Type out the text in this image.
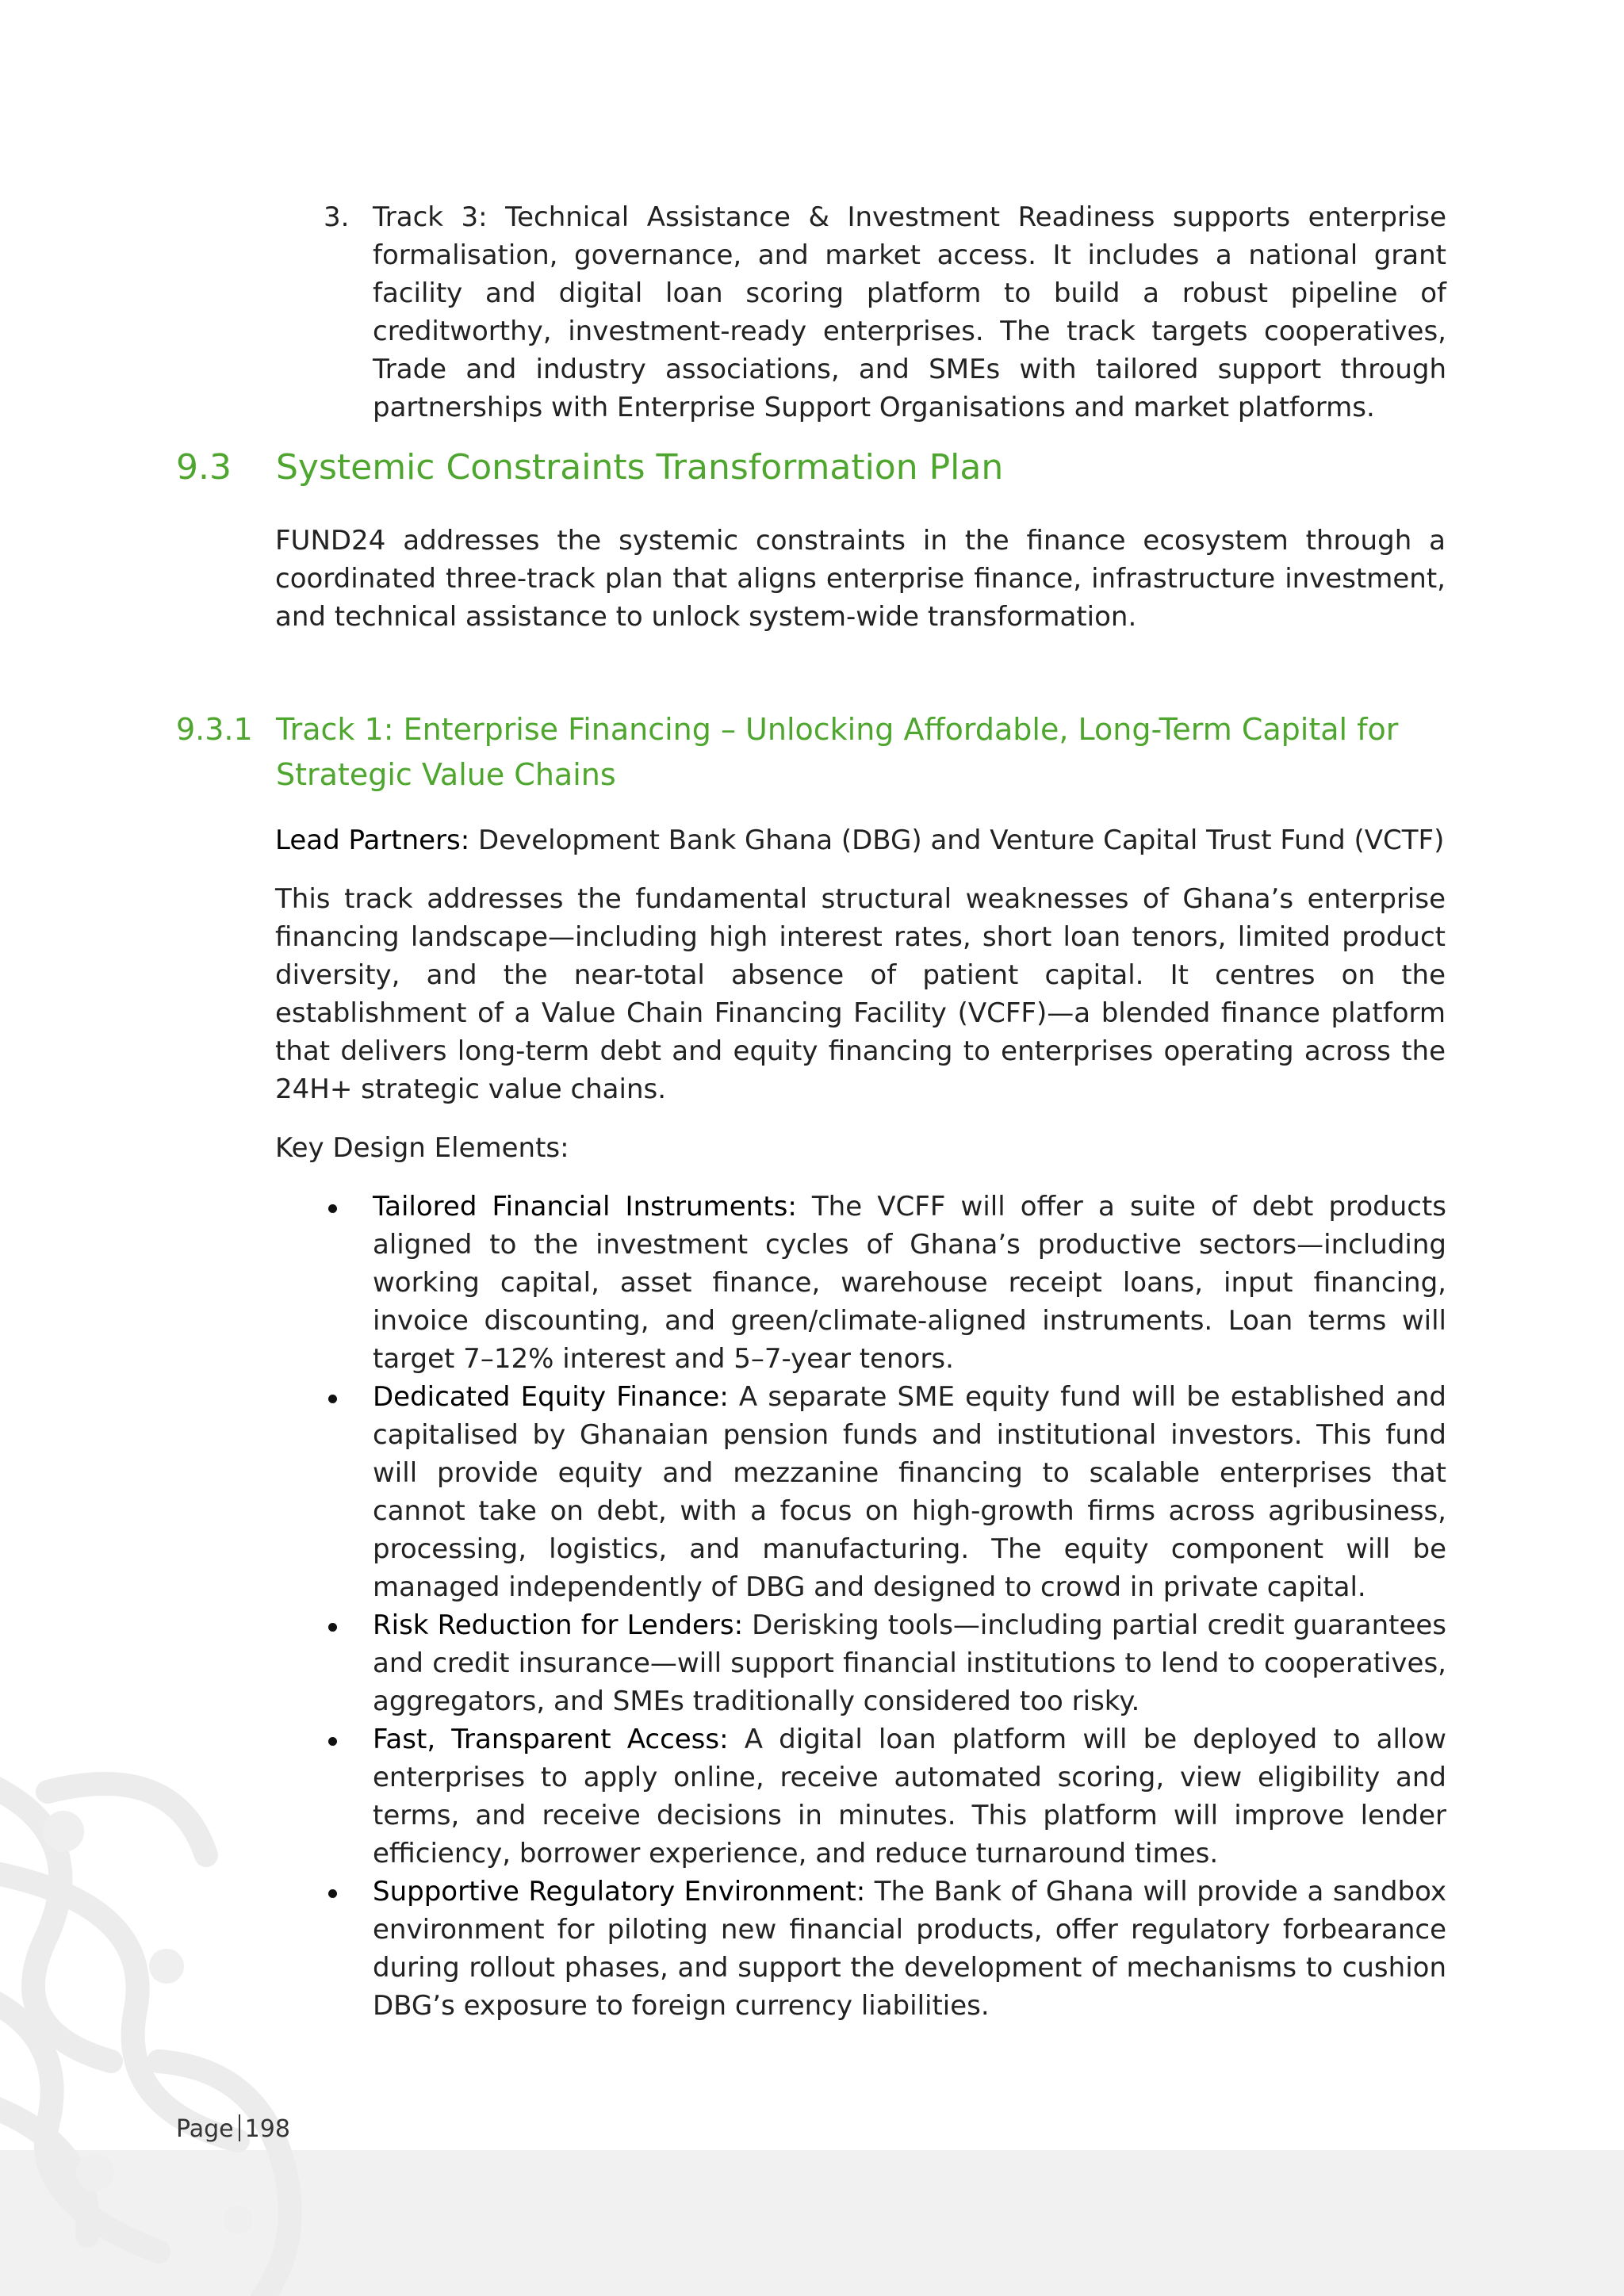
3. Track 3: Technical Assistance & Investment Readiness supports enterprise formalisation, governance, and market access. It includes a national grant facility and digital loan scoring platform to build a robust pipeline of creditworthy, investment-ready enterprises. The track targets cooperatives, Trade and industry associations, and SMEs with tailored support through partnerships with Enterprise Support Organisations and market platforms.
9.3 Systemic Constraints Transformation Plan

FUND24 addresses the systemic constraints in the finance ecosystem through a coordinated three-track plan that aligns enterprise finance, infrastructure investment, and technical assistance to unlock system-wide transformation.

9.3.1 Track 1: Enterprise Financing – Unlocking Affordable, Long-Term Capital for Strategic Value Chains

Lead Partners: Development Bank Ghana (DBG) and Venture Capital Trust Fund (VCTF)

This track addresses the fundamental structural weaknesses of Ghana’s enterprise financing landscape—including high interest rates, short loan tenors, limited product diversity, and the near-total absence of patient capital. It centres on the establishment of a Value Chain Financing Facility (VCFF)—a blended finance platform that delivers long-term debt and equity financing to enterprises operating across the 24H+ strategic value chains.

Key Design Elements:

Tailored Financial Instruments: The VCFF will offer a suite of debt products aligned to the investment cycles of Ghana’s productive sectors—including working capital, asset finance, warehouse receipt loans, input financing, invoice discounting, and green/climate-aligned instruments. Loan terms will target 7–12% interest and 5–7-year tenors.
Dedicated Equity Finance: A separate SME equity fund will be established and capitalised by Ghanaian pension funds and institutional investors. This fund will provide equity and mezzanine financing to scalable enterprises that cannot take on debt, with a focus on high-growth firms across agribusiness, processing, logistics, and manufacturing. The equity component will be managed independently of DBG and designed to crowd in private capital.
Risk Reduction for Lenders: Derisking tools—including partial credit guarantees and credit insurance—will support financial institutions to lend to cooperatives, aggregators, and SMEs traditionally considered too risky.
Fast, Transparent Access: A digital loan platform will be deployed to allow enterprises to apply online, receive automated scoring, view eligibility and terms, and receive decisions in minutes. This platform will improve lender efficiency, borrower experience, and reduce turnaround times.
Supportive Regulatory Environment: The Bank of Ghana will provide a sandbox environment for piloting new financial products, offer regulatory forbearance during rollout phases, and support the development of mechanisms to cushion DBG’s exposure to foreign currency liabilities.
Page 198
